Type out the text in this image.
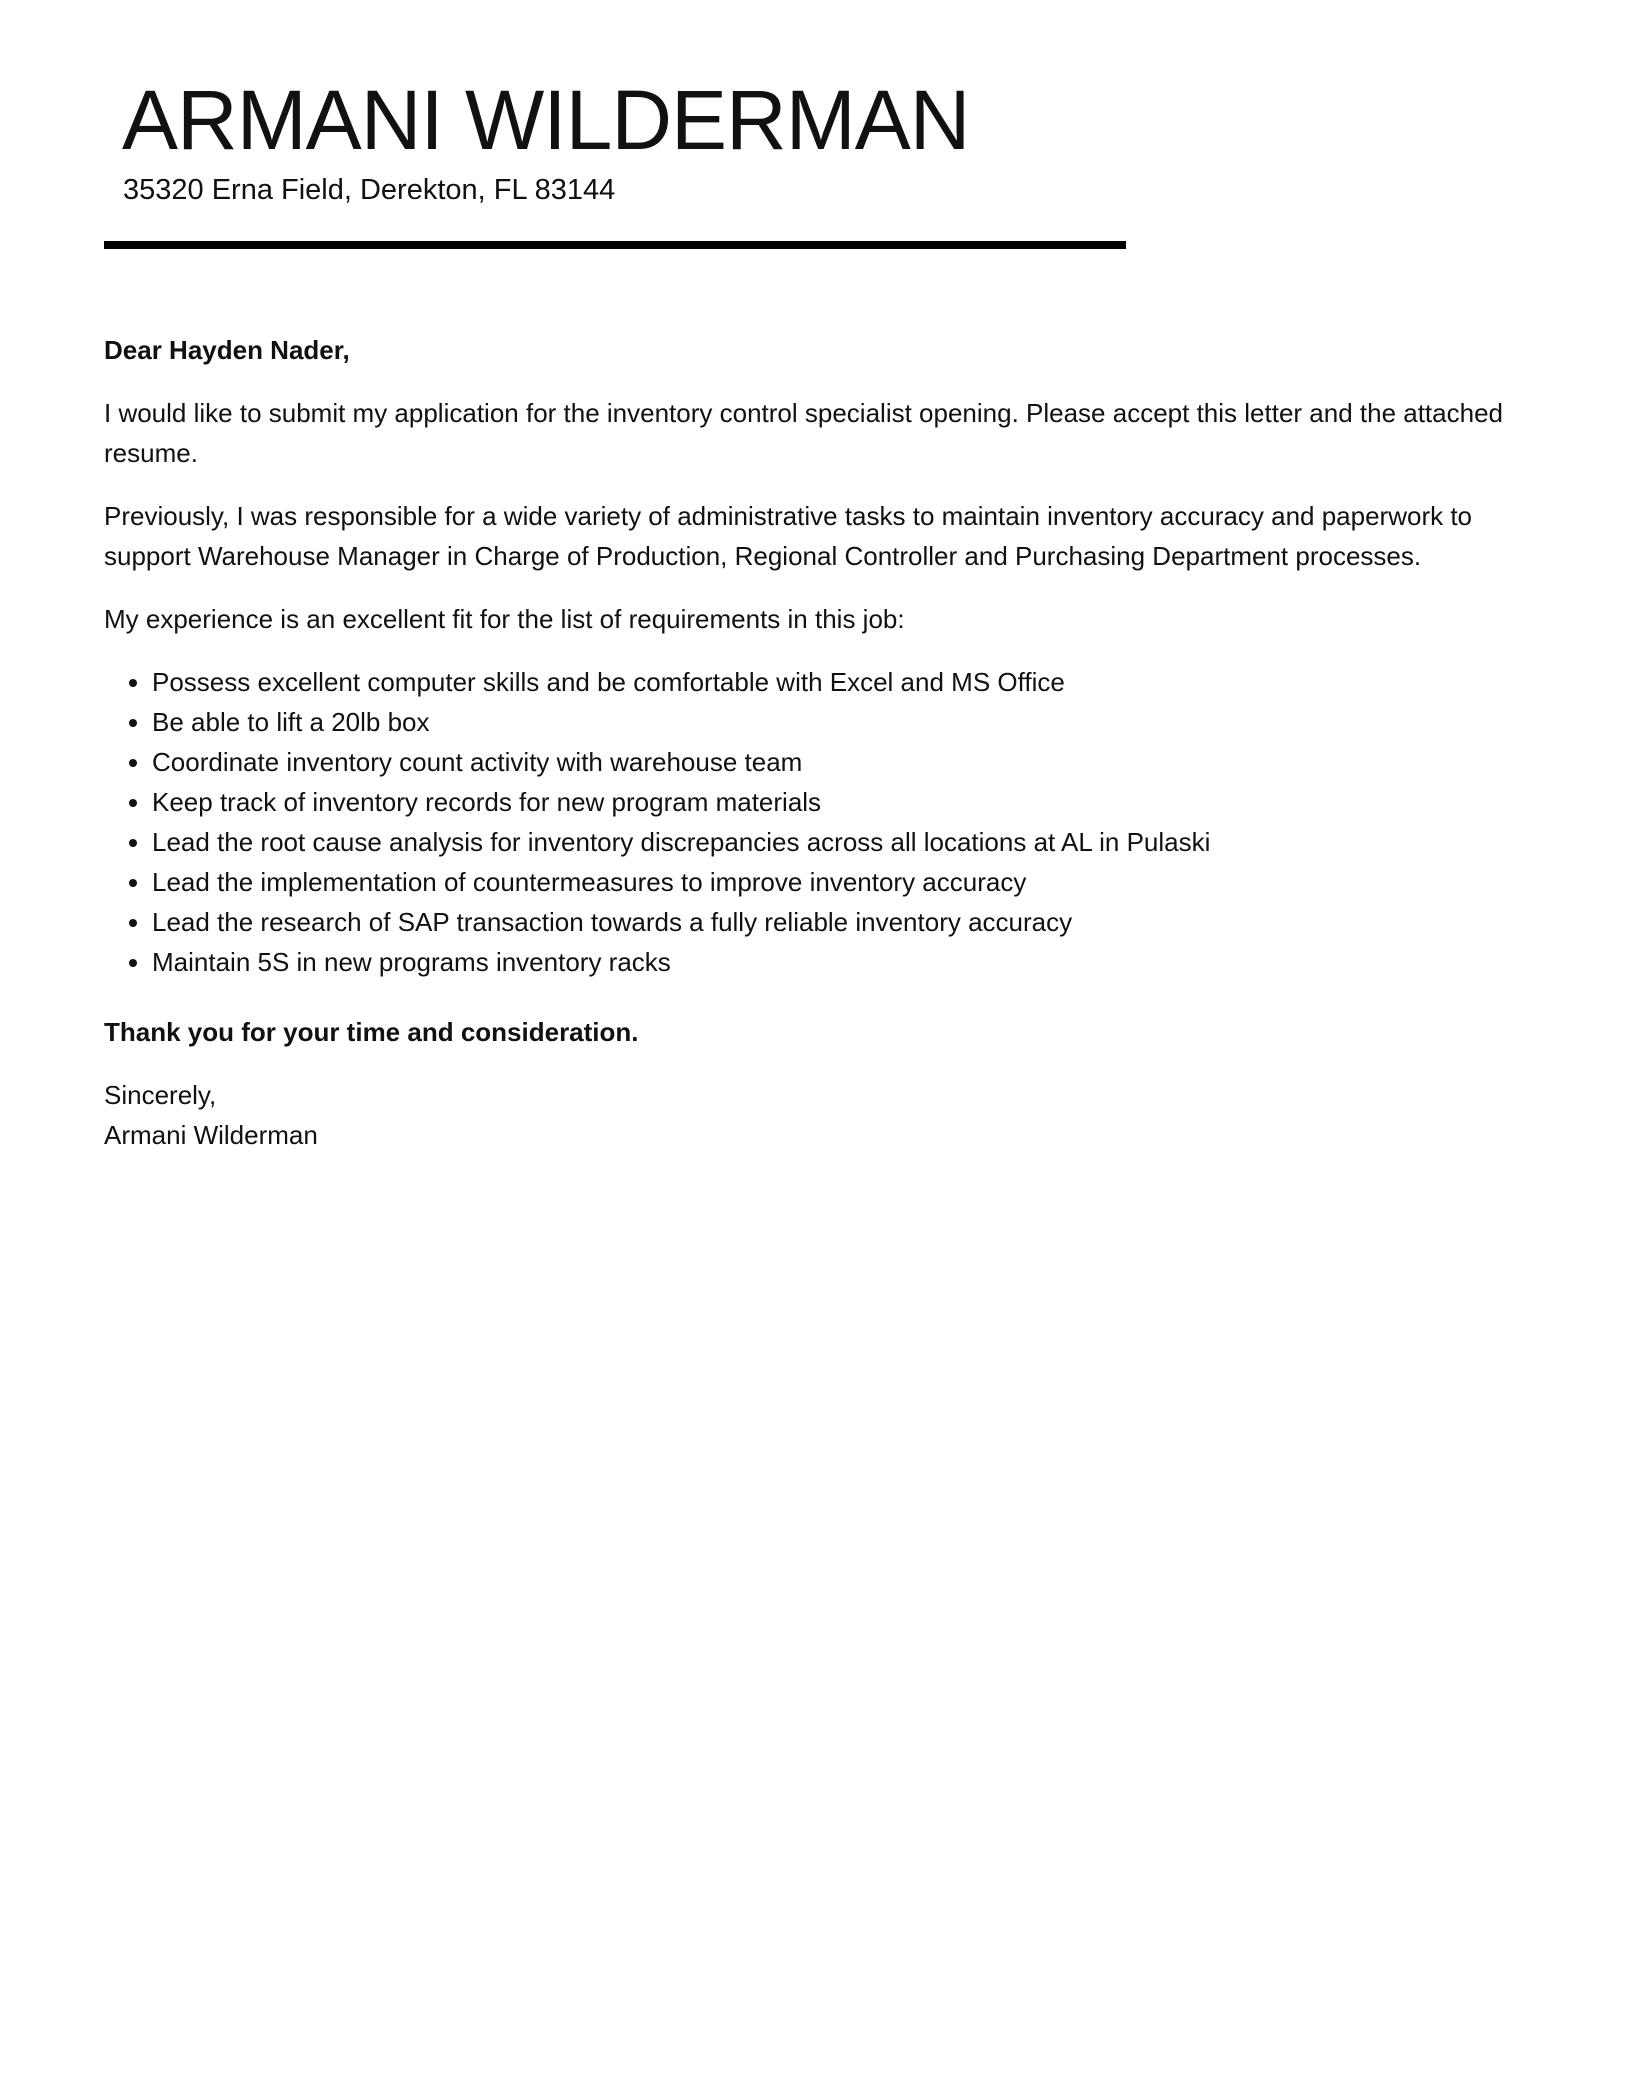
ARMANI WILDERMAN
35320 Erna Field, Derekton, FL 83144

Dear Hayden Nader,

I would like to submit my application for the inventory control specialist opening. Please accept this letter and the attached resume.

Previously, I was responsible for a wide variety of administrative tasks to maintain inventory accuracy and paperwork to support Warehouse Manager in Charge of Production, Regional Controller and Purchasing Department processes.

My experience is an excellent fit for the list of requirements in this job:

• Possess excellent computer skills and be comfortable with Excel and MS Office
• Be able to lift a 20lb box
• Coordinate inventory count activity with warehouse team
• Keep track of inventory records for new program materials
• Lead the root cause analysis for inventory discrepancies across all locations at AL in Pulaski
• Lead the implementation of countermeasures to improve inventory accuracy
• Lead the research of SAP transaction towards a fully reliable inventory accuracy
• Maintain 5S in new programs inventory racks

Thank you for your time and consideration.

Sincerely,
Armani Wilderman
